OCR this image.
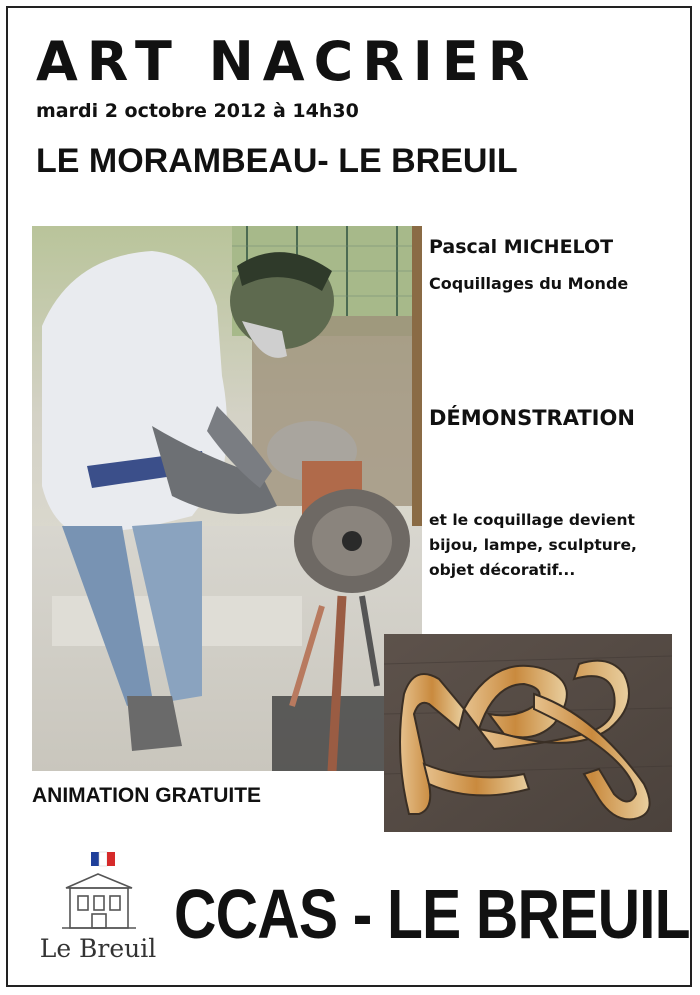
ART NACRIER
mardi 2 octobre 2012 à 14h30
LE MORAMBEAU- LE BREUIL
Pascal MICHELOT
Coquillages du Monde
DÉMONSTRATION
et le coquillage devient
bijou, lampe, sculpture,
objet décoratif...
ANIMATION GRATUITE
Le Breuil CCAS - LE BREUIL
